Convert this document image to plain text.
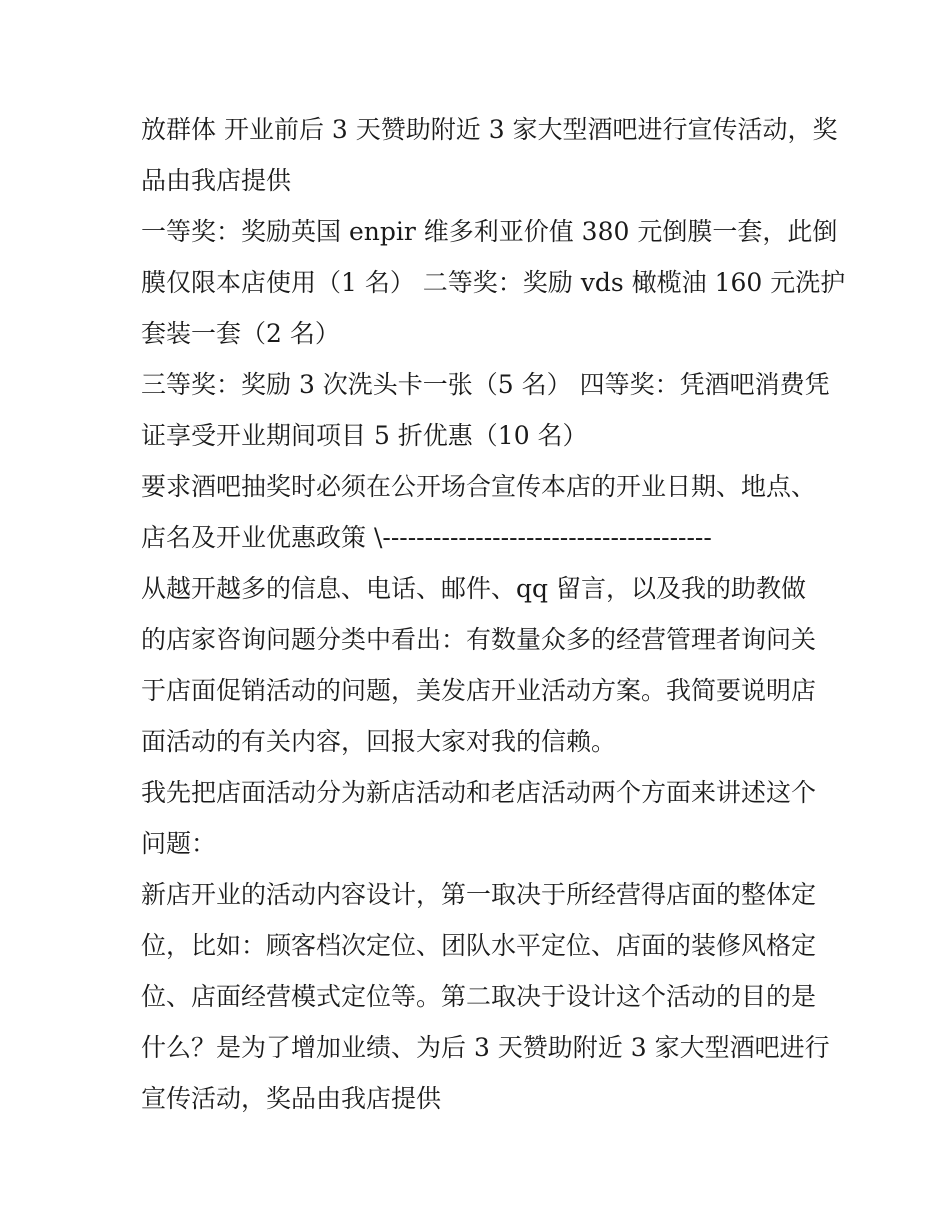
放群体 开业前后 3 天赞助附近 3 家大型酒吧进行宣传活动，奖
品由我店提供
一等奖：奖励英国 enpir 维多利亚价值 380 元倒膜一套，此倒
膜仅限本店使用（1 名） 二等奖：奖励 vds 橄榄油 160 元洗护
套装一套（2 名）
三等奖：奖励 3 次洗头卡一张（5 名） 四等奖：凭酒吧消费凭
证享受开业期间项目 5 折优惠（10 名）
要求酒吧抽奖时必须在公开场合宣传本店的开业日期、地点、
店名及开业优惠政策 \---------------------------------------
从越开越多的信息、电话、邮件、qq 留言，以及我的助教做
的店家咨询问题分类中看出：有数量众多的经营管理者询问关
于店面促销活动的问题，美发店开业活动方案。我简要说明店
面活动的有关内容，回报大家对我的信赖。
我先把店面活动分为新店活动和老店活动两个方面来讲述这个
问题：
新店开业的活动内容设计，第一取决于所经营得店面的整体定
位，比如：顾客档次定位、团队水平定位、店面的装修风格定
位、店面经营模式定位等。第二取决于设计这个活动的目的是
什么？是为了增加业绩、为后 3 天赞助附近 3 家大型酒吧进行
宣传活动，奖品由我店提供
